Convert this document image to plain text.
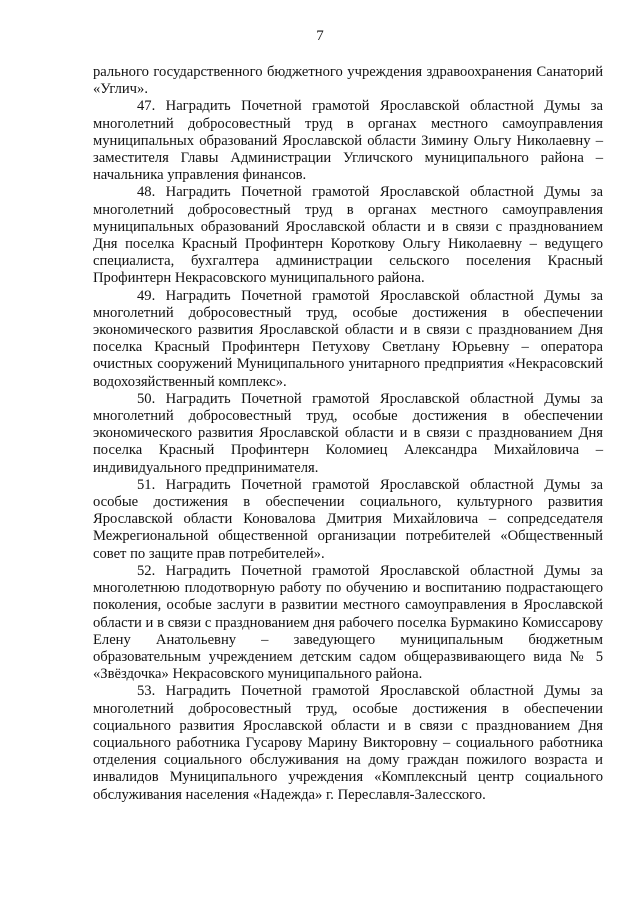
7

рального государственного бюджетного учреждения здравоохранения Санаторий «Углич».

47. Наградить Почетной грамотой Ярославской областной Думы за многолетний добросовестный труд в органах местного самоуправления муниципальных образований Ярославской области Зимину Ольгу Николаевну – заместителя Главы Администрации Угличского муниципального района – начальника управления финансов.

48. Наградить Почетной грамотой Ярославской областной Думы за многолетний добросовестный труд в органах местного самоуправления муниципальных образований Ярославской области и в связи с празднованием Дня поселка Красный Профинтерн Короткову Ольгу Николаевну – ведущего специалиста, бухгалтера администрации сельского поселения Красный Профинтерн Некрасовского муниципального района.

49. Наградить Почетной грамотой Ярославской областной Думы за многолетний добросовестный труд, особые достижения в обеспечении экономического развития Ярославской области и в связи с празднованием Дня поселка Красный Профинтерн Петухову Светлану Юрьевну – оператора очистных сооружений Муниципального унитарного предприятия «Некрасовский водохозяйственный комплекс».

50. Наградить Почетной грамотой Ярославской областной Думы за многолетний добросовестный труд, особые достижения в обеспечении экономического развития Ярославской области и в связи с празднованием Дня поселка Красный Профинтерн Коломиец Александра Михайловича – индивидуального предпринимателя.

51. Наградить Почетной грамотой Ярославской областной Думы за особые достижения в обеспечении социального, культурного развития Ярославской области Коновалова Дмитрия Михайловича – сопредседателя Межрегиональной общественной организации потребителей «Общественный совет по защите прав потребителей».

52. Наградить Почетной грамотой Ярославской областной Думы за многолетнюю плодотворную работу по обучению и воспитанию подрастающего поколения, особые заслуги в развитии местного самоуправления в Ярославской области и в связи с празднованием дня рабочего поселка Бурмакино Комиссарову Елену Анатольевну – заведующего муниципальным бюджетным образовательным учреждением детским садом общеразвивающего вида № 5 «Звёздочка» Некрасовского муниципального района.

53. Наградить Почетной грамотой Ярославской областной Думы за многолетний добросовестный труд, особые достижения в обеспечении социального развития Ярославской области и в связи с празднованием Дня социального работника Гусарову Марину Викторовну – социального работника отделения социального обслуживания на дому граждан пожилого возраста и инвалидов Муниципального учреждения «Комплексный центр социального обслуживания населения «Надежда» г. Переславля-Залесского.
